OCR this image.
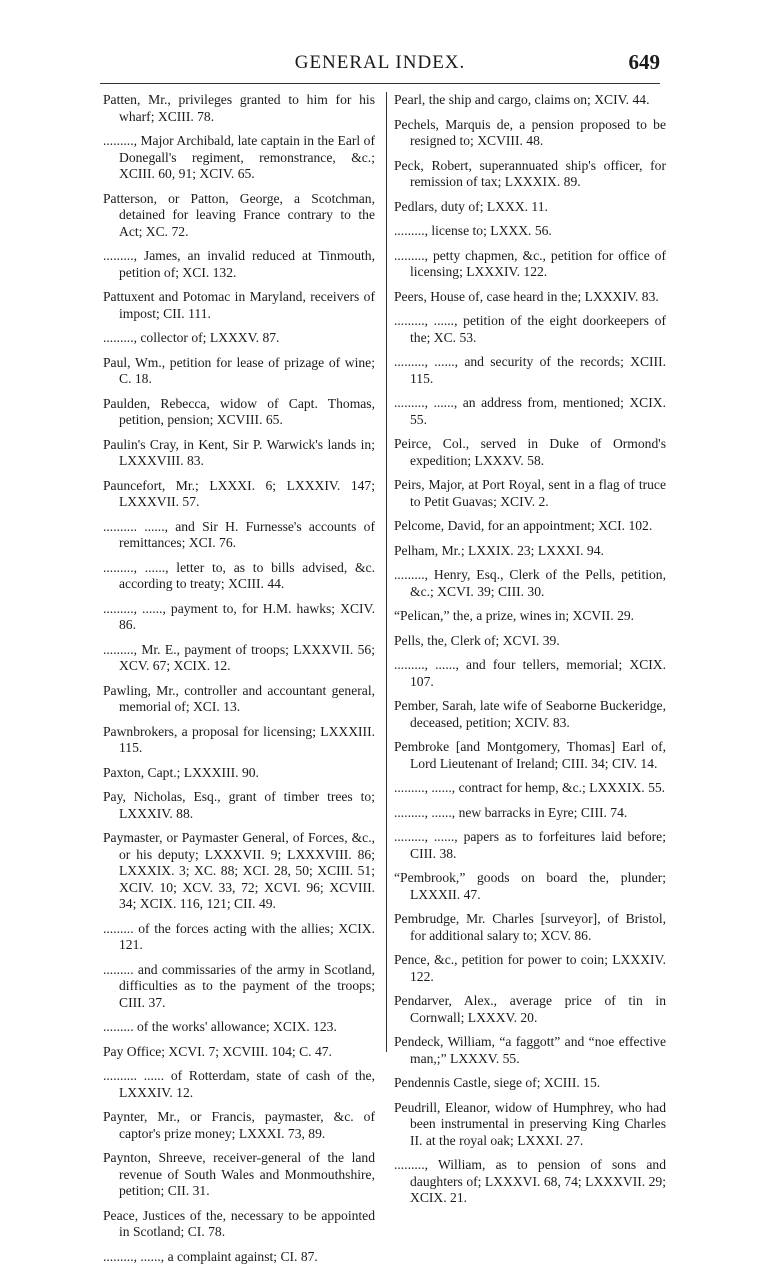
GENERAL INDEX.	649

Patten, Mr., privileges granted to him for his wharf; XCIII. 78.

........., Major Archibald, late captain in the Earl of Donegall's regiment, remonstrance, &c.; XCIII. 60, 91; XCIV. 65.

Patterson, or Patton, George, a Scotchman, detained for leaving France contrary to the Act; XC. 72.

........., James, an invalid reduced at Tinmouth, petition of; XCI. 132.

Pattuxent and Potomac in Maryland, receivers of impost; CII. 111.

........., collector of; LXXXV. 87.

Paul, Wm., petition for lease of prizage of wine; C. 18.

Paulden, Rebecca, widow of Capt. Thomas, petition, pension; XCVIII. 65.

Paulin's Cray, in Kent, Sir P. Warwick's lands in; LXXXVIII. 83.

Pauncefort, Mr.; LXXXI. 6; LXXXIV. 147; LXXXVII. 57.

.......... ......, and Sir H. Furnesse's accounts of remittances; XCI. 76.

........., ......, letter to, as to bills advised, &c. according to treaty; XCIII. 44.

........., ......, payment to, for H.M. hawks; XCIV. 86.

........., Mr. E., payment of troops; LXXXVII. 56; XCV. 67; XCIX. 12.

Pawling, Mr., controller and accountant general, memorial of; XCI. 13.

Pawnbrokers, a proposal for licensing; LXXXIII. 115.

Paxton, Capt.; LXXXIII. 90.

Pay, Nicholas, Esq., grant of timber trees to; LXXXIV. 88.

Paymaster, or Paymaster General, of Forces, &c., or his deputy; LXXXVII. 9; LXXXVIII. 86; LXXXIX. 3; XC. 88; XCI. 28, 50; XCIII. 51; XCIV. 10; XCV. 33, 72; XCVI. 96; XCVIII. 34; XCIX. 116, 121; CII. 49.

......... of the forces acting with the allies; XCIX. 121.

......... and commissaries of the army in Scotland, difficulties as to the payment of the troops; CIII. 37.

......... of the works' allowance; XCIX. 123.

Pay Office; XCVI. 7; XCVIII. 104; C. 47.

.......... ...... of Rotterdam, state of cash of the, LXXXIV. 12.

Paynter, Mr., or Francis, paymaster, &c. of captor's prize money; LXXXI. 73, 89.

Paynton, Shreeve, receiver-general of the land revenue of South Wales and Monmouthshire, petition; CII. 31.

Peace, Justices of the, necessary to be appointed in Scotland; CI. 78.

........., ......, a complaint against; CI. 87.

Pearl, the ship and cargo, claims on; XCIV. 44.

Pechels, Marquis de, a pension proposed to be resigned to; XCVIII. 48.

Peck, Robert, superannuated ship's officer, for remission of tax; LXXXIX. 89.

Pedlars, duty of; LXXX. 11.

........., license to; LXXX. 56.

........., petty chapmen, &c., petition for office of licensing; LXXXIV. 122.

Peers, House of, case heard in the; LXXXIV. 83.

........., ......, petition of the eight doorkeepers of the; XC. 53.

........., ......, and security of the records; XCIII. 115.

........., ......, an address from, mentioned; XCIX. 55.

Peirce, Col., served in Duke of Ormond's expedition; LXXXV. 58.

Peirs, Major, at Port Royal, sent in a flag of truce to Petit Guavas; XCIV. 2.

Pelcome, David, for an appointment; XCI. 102.

Pelham, Mr.; LXXIX. 23; LXXXI. 94.

........., Henry, Esq., Clerk of the Pells, petition, &c.; XCVI. 39; CIII. 30.

“Pelican,” the, a prize, wines in; XCVII. 29.

Pells, the, Clerk of; XCVI. 39.

........., ......, and four tellers, memorial; XCIX. 107.

Pember, Sarah, late wife of Seaborne Buckeridge, deceased, petition; XCIV. 83.

Pembroke [and Montgomery, Thomas] Earl of, Lord Lieutenant of Ireland; CIII. 34; CIV. 14.

........., ......, contract for hemp, &c.; LXXXIX. 55.

........., ......, new barracks in Eyre; CIII. 74.

........., ......, papers as to forfeitures laid before; CIII. 38.

“Pembrook,” goods on board the, plunder; LXXXII. 47.

Pembrudge, Mr. Charles [surveyor], of Bristol, for additional salary to; XCV. 86.

Pence, &c., petition for power to coin; LXXXIV. 122.

Pendarver, Alex., average price of tin in Cornwall; LXXXV. 20.

Pendeck, William, “a faggott” and “noe effective man,;” LXXXV. 55.

Pendennis Castle, siege of; XCIII. 15.

Peudrill, Eleanor, widow of Humphrey, who had been instrumental in preserving King Charles II. at the royal oak; LXXXI. 27.

........., William, as to pension of sons and daughters of; LXXXVI. 68, 74; LXXXVII. 29; XCIX. 21.
